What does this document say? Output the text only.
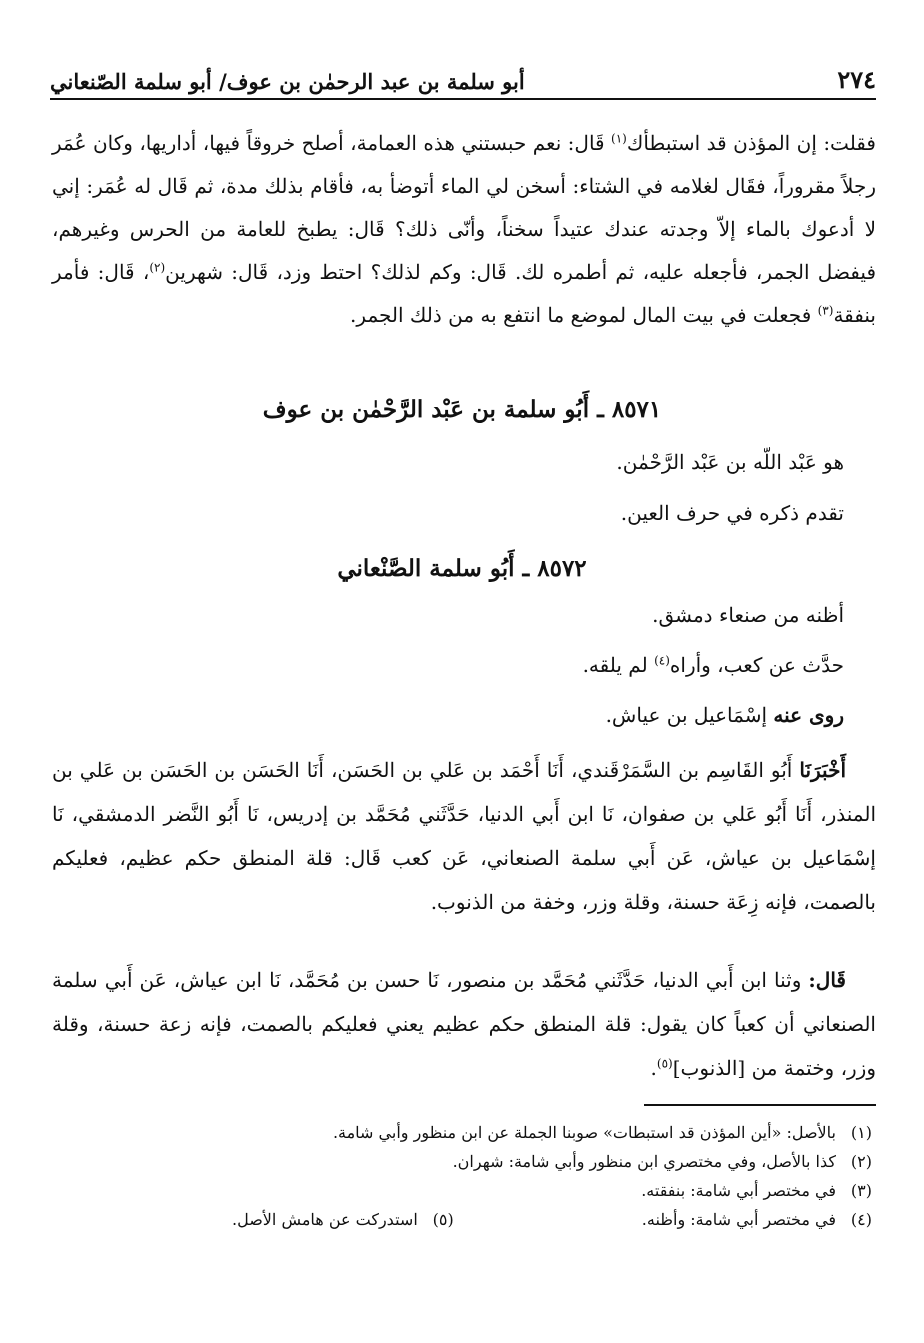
٢٧٤
أبو سلمة بن عبد الرحمٰن بن عوف/ أبو سلمة الصّنعاني

فقلت: إن المؤذن قد استبطأك$^{(١)}$ قَال: نعم حبستني هذه العمامة، أصلح خروقاً فيها، أداريها، وكان عُمَر رجلاً مقروراً، فقَال لغلامه في الشتاء: أسخن لي الماء أتوضأ به، فأقام بذلك مدة، ثم قَال له عُمَر: إني لا أدعوك بالماء إلاّ وجدته عندك عتيداً سخناً، وأنّى ذلك؟ قَال: يطبخ للعامة من الحرس وغيرهم، فيفضل الجمر، فأجعله عليه، ثم أطمره لك. قَال: وكم لذلك؟ احتط وزد، قَال: شهرين$^{(٢)}$، قَال: فأمر بنفقة$^{(٣)}$ فجعلت في بيت المال لموضع ما انتفع به من ذلك الجمر.

٨٥٧١ ـ أَبُو سلمة بن عَبْد الرَّحْمٰن بن عوف
هو عَبْد اللّه بن عَبْد الرَّحْمٰن.
تقدم ذكره في حرف العين.
٨٥٧٢ ـ أَبُو سلمة الصَّنْعاني
أظنه من صنعاء دمشق.
حدَّث عن كعب، وأراه$^{(٤)}$ لم يلقه.
روى عنه إسْمَاعيل بن عياش.

أَخْبَرَنَا أَبُو القَاسِم بن السَّمَرْقَندي، أَنَا أَحْمَد بن عَلي بن الحَسَن، أَنَا الحَسَن بن الحَسَن بن عَلي بن المنذر، أَنَا أَبُو عَلي بن صفوان، نَا ابن أَبي الدنيا، حَدَّثَني مُحَمَّد بن إدريس، نَا أَبُو النَّضر الدمشقي، نَا إسْمَاعيل بن عياش، عَن أَبي سلمة الصنعاني، عَن كعب قَال: قلة المنطق حكم عظيم، فعليكم بالصمت، فإنه زِعَة حسنة، وقلة وزر، وخفة من الذنوب.

قَال: وثنا ابن أَبي الدنيا، حَدَّثَني مُحَمَّد بن منصور، نَا حسن بن مُحَمَّد، نَا ابن عياش، عَن أَبي سلمة الصنعاني أن كعباً كان يقول: قلة المنطق حكم عظيم يعني فعليكم بالصمت، فإنه زعة حسنة، وقلة وزر، وختمة من [الذنوب]$^{(٥)}$.

(١)
بالأصل: «أين المؤذن قد استبطات» صوبنا الجملة عن ابن منظور وأبي شامة.
(٢)
كذا بالأصل، وفي مختصري ابن منظور وأبي شامة: شهران.
(٣)
في مختصر أبي شامة: بنفقته.
(٤)
في مختصر أبي شامة: وأظنه.
(٥)
استدركت عن هامش الأصل.
